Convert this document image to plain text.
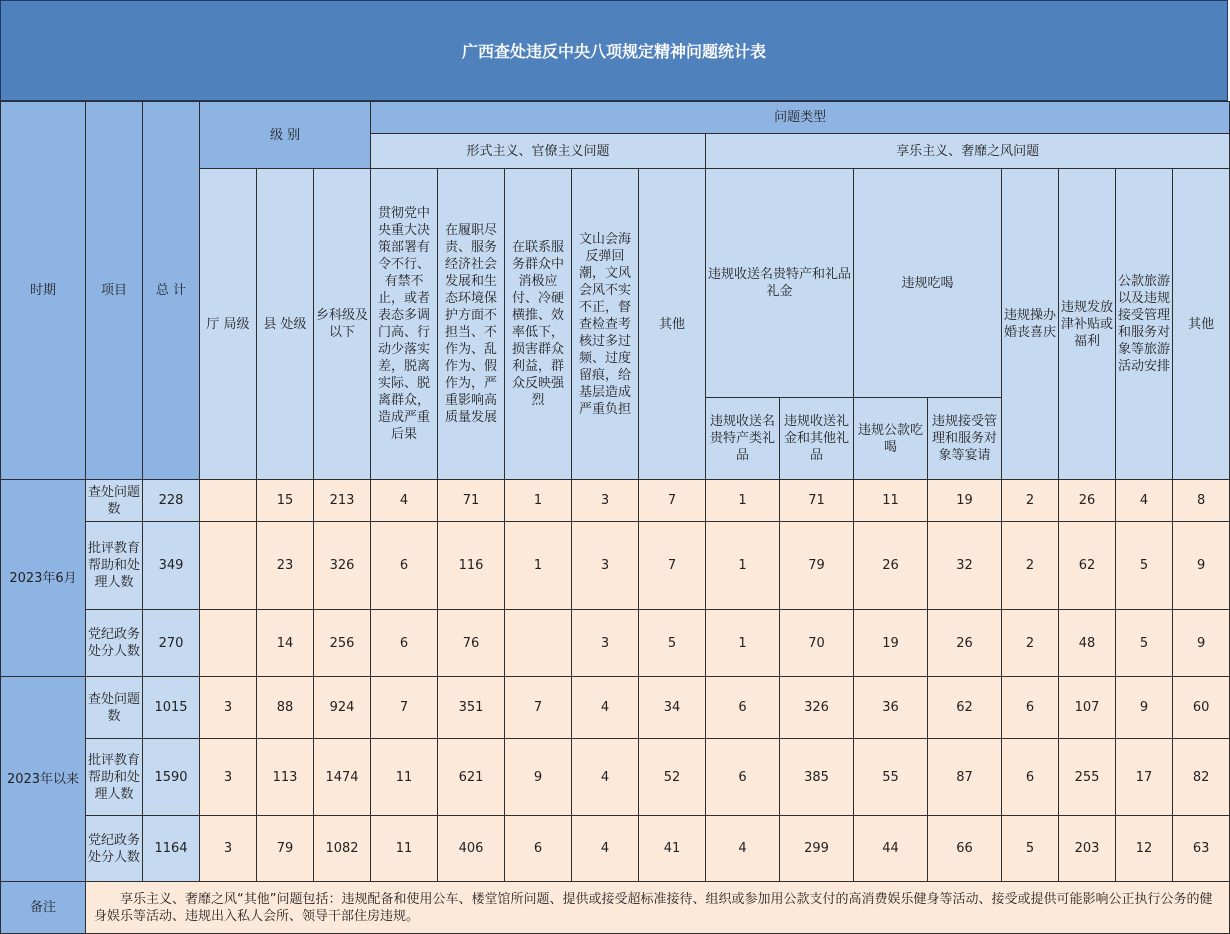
广西查处违反中央八项规定精神问题统计表
时期	项目	总 计	级 别			问题类型												
						形式主义、官僚主义问题					享乐主义、奢靡之风问题							
			厅 局级	县 处级	乡科级及以下	贯彻党中央重大决策部署有令不行、有禁不止，或者表态多调门高、行动少落实差，脱离实际、脱离群众，造成严重后果	在履职尽责、服务经济社会发展和生态环境保护方面不担当、不作为、乱作为、假作为，严重影响高质量发展	在联系服务群众中消极应付、冷硬横推、效率低下，损害群众利益，群众反映强烈	文山会海反弹回潮，文风会风不实不正，督查检查考核过多过频、过度留痕，给基层造成严重负担	其他	违规收送名贵特产和礼品礼金		违规吃喝		违规操办婚丧喜庆	违规发放津补贴或福利	公款旅游以及违规接受管理和服务对象等旅游活动安排	其他
											违规收送名贵特产类礼品	违规收送礼金和其他礼品	违规公款吃喝	违规接受管理和服务对象等宴请				
2023年6月	查处问题数	228		15	213	4	71	1	3	7	1	71	11	19	2	26	4	8
	批评教育帮助和处理人数	349		23	326	6	116	1	3	7	1	79	26	32	2	62	5	9
	党纪政务处分人数	270		14	256	6	76		3	5	1	70	19	26	2	48	5	9
2023年以来	查处问题数	1015	3	88	924	7	351	7	4	34	6	326	36	62	6	107	9	60
	批评教育帮助和处理人数	1590	3	113	1474	11	621	9	4	52	6	385	55	87	6	255	17	82
	党纪政务处分人数	1164	3	79	1082	11	406	6	4	41	4	299	44	66	5	203	12	63
备注	享乐主义、奢靡之风“其他”问题包括：违规配备和使用公车、楼堂馆所问题、提供或接受超标准接待、组织或参加用公款支付的高消费娱乐健身等活动、接受或提供可能影响公正执行公务的健身娱乐等活动、违规出入私人会所、领导干部住房违规。																	
